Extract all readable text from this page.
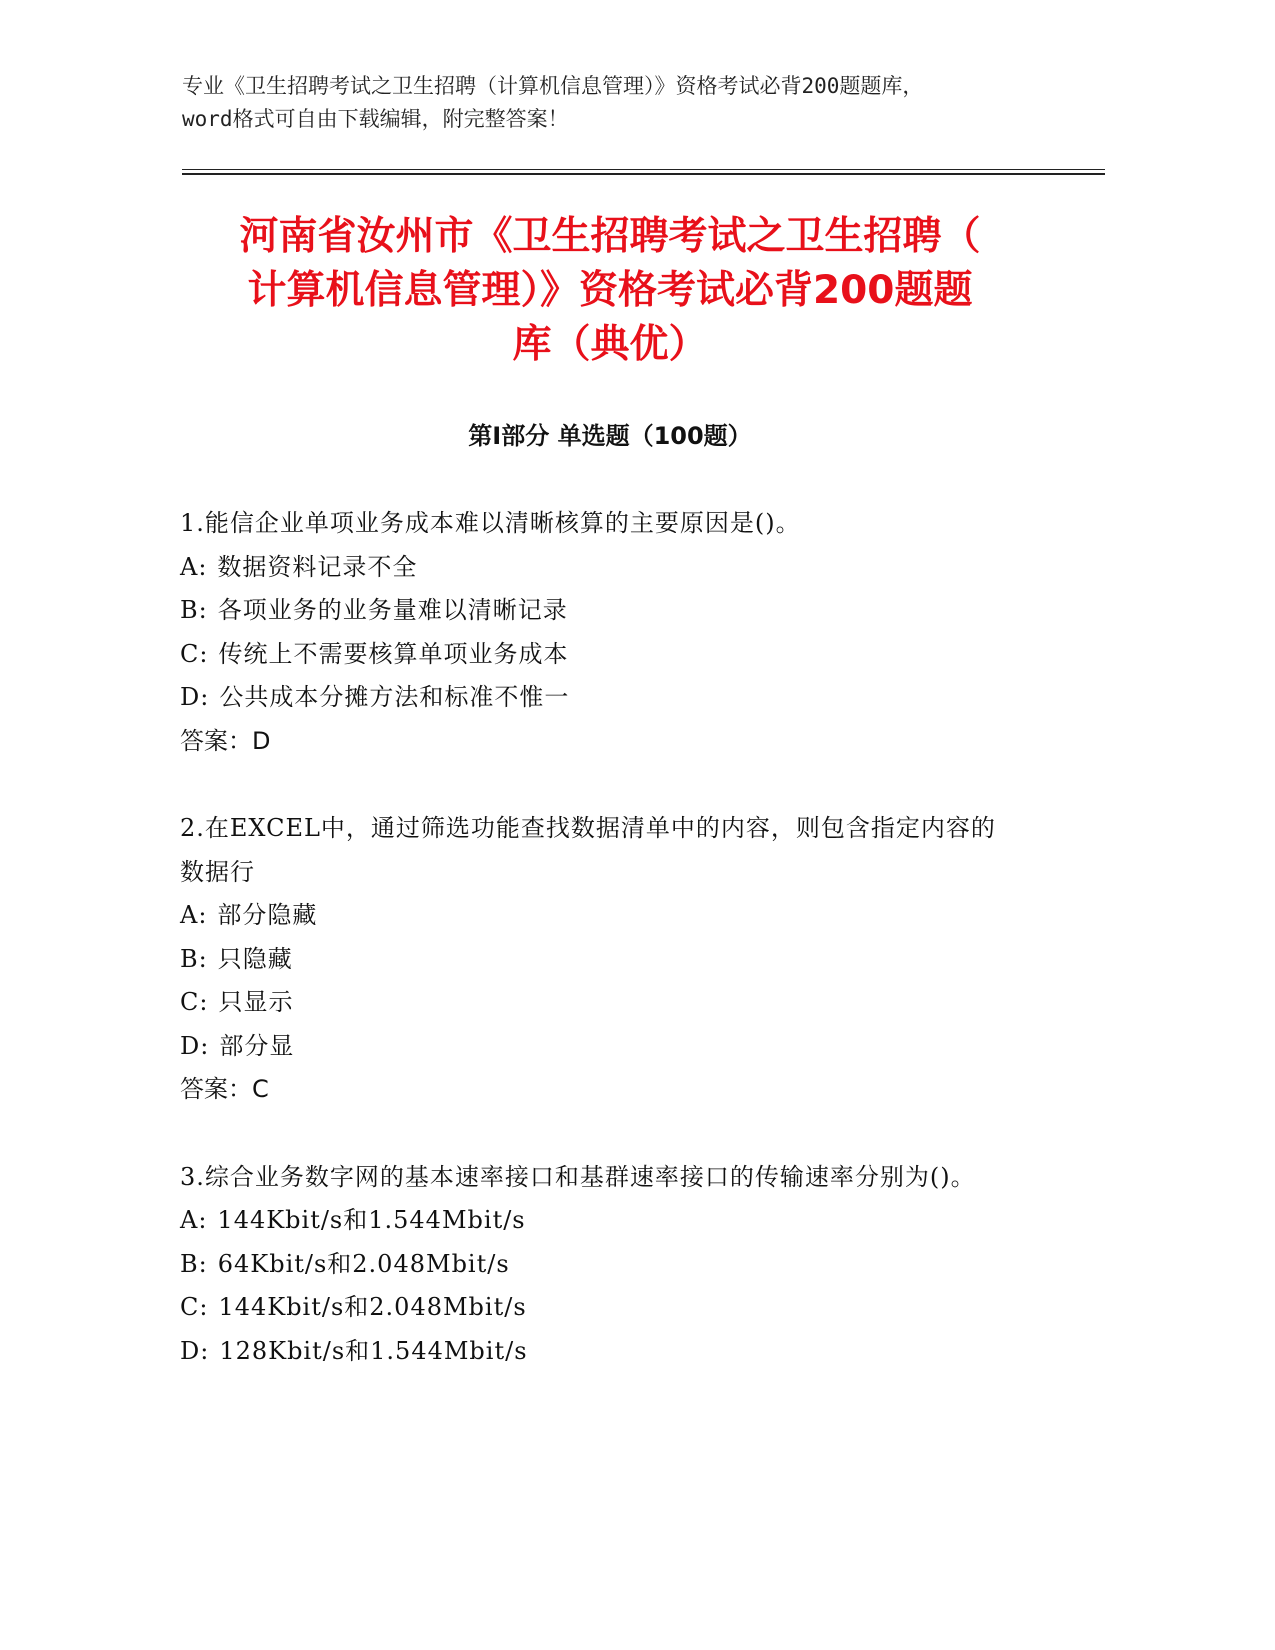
专业《卫生招聘考试之卫生招聘（计算机信息管理）》资格考试必背200题题库，
word格式可自由下载编辑，附完整答案！
河南省汝州市《卫生招聘考试之卫生招聘（
计算机信息管理）》资格考试必背200题题
库（典优）
第Ⅰ部分 单选题（100题）
1.能信企业单项业务成本难以清晰核算的主要原因是()。
A: 数据资料记录不全
B: 各项业务的业务量难以清晰记录
C: 传统上不需要核算单项业务成本
D: 公共成本分摊方法和标准不惟一
答案：D
2.在EXCEL中，通过筛选功能查找数据清单中的内容，则包含指定内容的数据行
A: 部分隐藏
B: 只隐藏
C: 只显示
D: 部分显
答案：C
3.综合业务数字网的基本速率接口和基群速率接口的传输速率分别为()。
A: 144Kbit/s和1.544Mbit/s
B: 64Kbit/s和2.048Mbit/s
C: 144Kbit/s和2.048Mbit/s
D: 128Kbit/s和1.544Mbit/s
